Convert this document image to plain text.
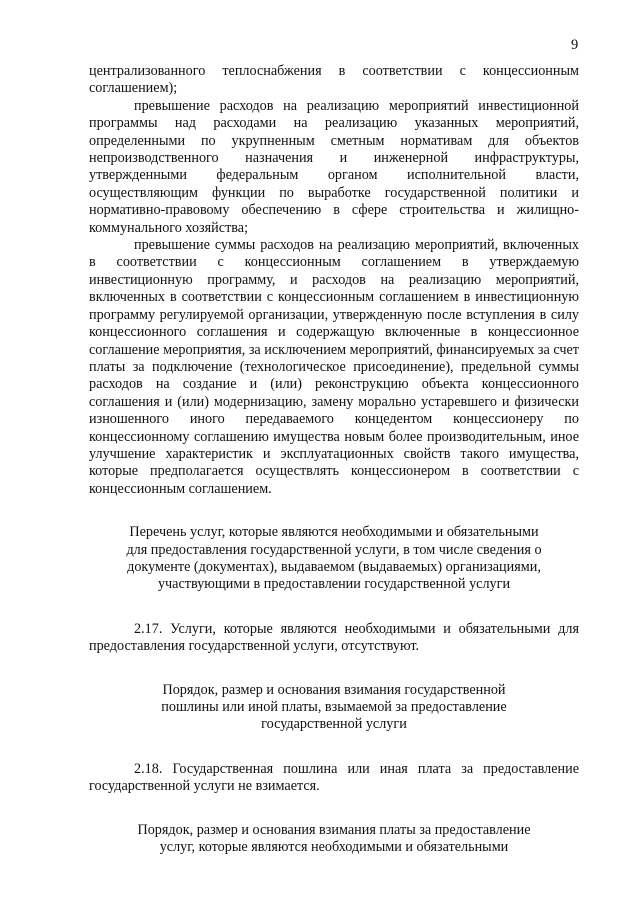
9

централизованного теплоснабжения в соответствии с концессионным соглашением);

превышение расходов на реализацию мероприятий инвестиционной программы над расходами на реализацию указанных мероприятий, определенными по укрупненным сметным нормативам для объектов непроизводственного назначения и инженерной инфраструктуры, утвержденными федеральным органом исполнительной власти, осуществляющим функции по выработке государственной политики и нормативно-правовому обеспечению в сфере строительства и жилищно-коммунального хозяйства;

превышение суммы расходов на реализацию мероприятий, включенных в соответствии с концессионным соглашением в утверждаемую инвестиционную программу, и расходов на реализацию мероприятий, включенных в соответствии с концессионным соглашением в инвестиционную программу регулируемой организации, утвержденную после вступления в силу концессионного соглашения и содержащую включенные в концессионное соглашение мероприятия, за исключением мероприятий, финансируемых за счет платы за подключение (технологическое присоединение), предельной суммы расходов на создание и (или) реконструкцию объекта концессионного соглашения и (или) модернизацию, замену морально устаревшего и физически изношенного иного передаваемого концедентом концессионеру по концессионному соглашению имущества новым более производительным, иное улучшение характеристик и эксплуатационных свойств такого имущества, которые предполагается осуществлять концессионером в соответствии с концессионным соглашением.

Перечень услуг, которые являются необходимыми и обязательными для предоставления государственной услуги, в том числе сведения о документе (документах), выдаваемом (выдаваемых) организациями, участвующими в предоставлении государственной услуги

2.17. Услуги, которые являются необходимыми и обязательными для предоставления государственной услуги, отсутствуют.

Порядок, размер и основания взимания государственной пошлины или иной платы, взымаемой за предоставление государственной услуги

2.18. Государственная пошлина или иная плата за предоставление государственной услуги не взимается.

Порядок, размер и основания взимания платы за предоставление услуг, которые являются необходимыми и обязательными
